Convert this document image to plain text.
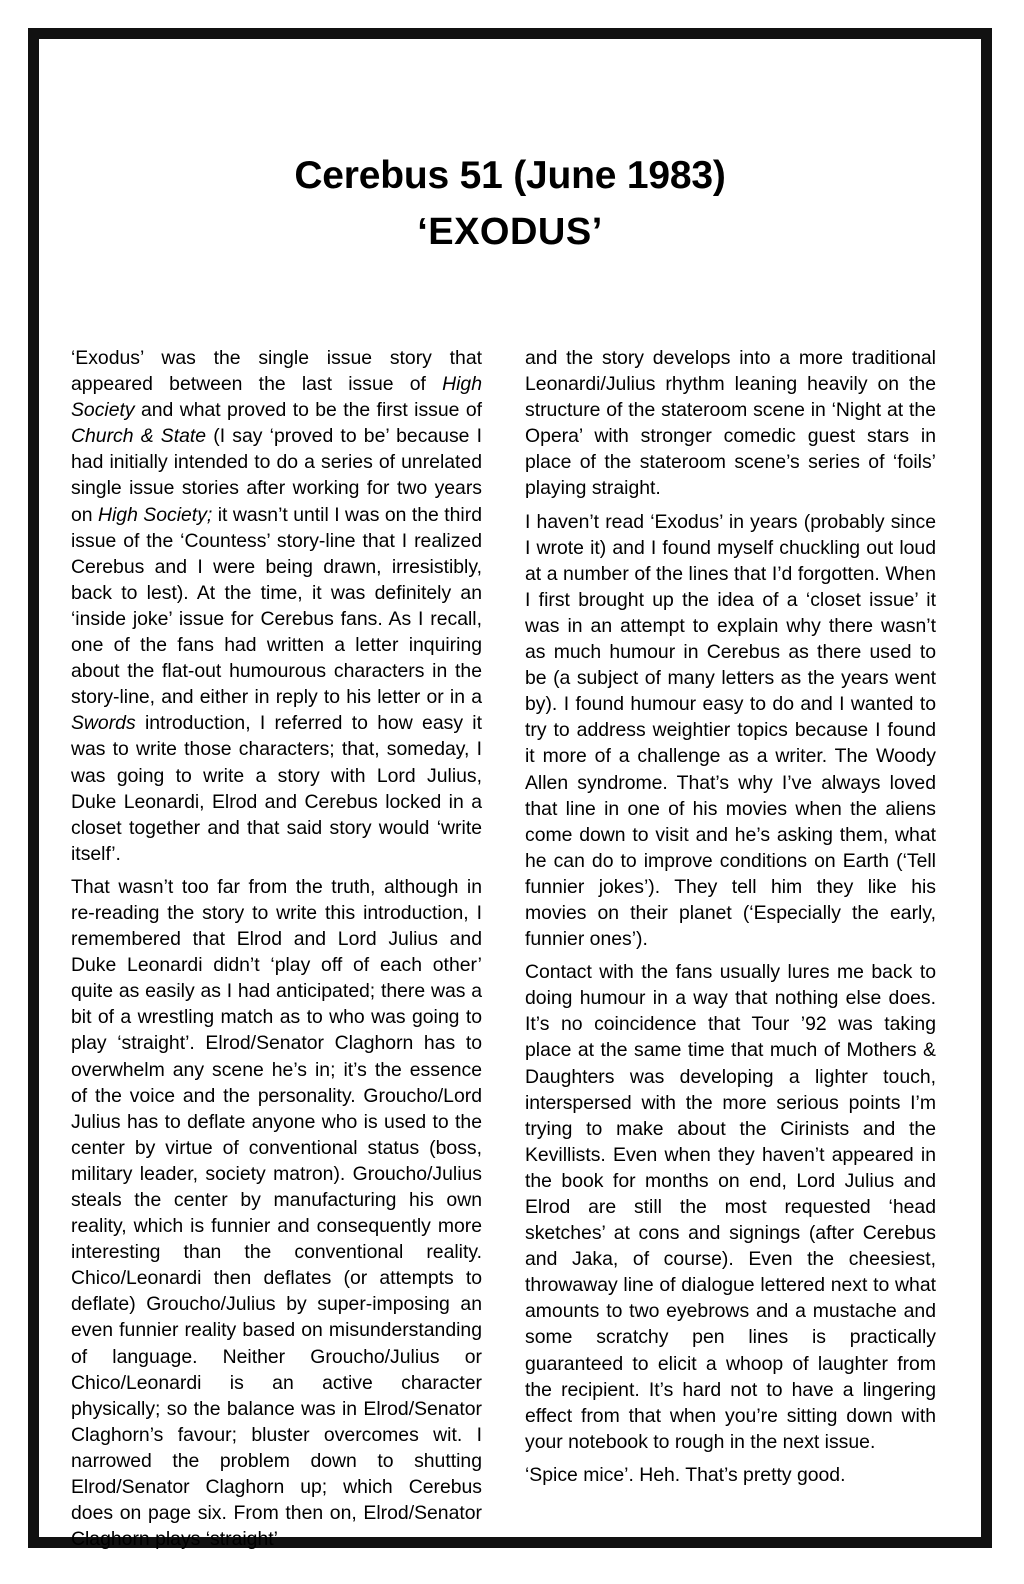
Cerebus 51 (June 1983)
‘EXODUS’

‘Exodus’ was the single issue story that appeared between the last issue of High Society and what proved to be the first issue of Church & State (I say ‘proved to be’ because I had initially intended to do a series of unrelated single issue stories after working for two years on High Society; it wasn’t until I was on the third issue of the ‘Countess’ story-line that I realized Cerebus and I were being drawn, irresistibly, back to lest). At the time, it was definitely an ‘inside joke’ issue for Cerebus fans. As I recall, one of the fans had written a letter inquiring about the flat-out humourous characters in the story-line, and either in reply to his letter or in a Swords introduction, I referred to how easy it was to write those characters; that, someday, I was going to write a story with Lord Julius, Duke Leonardi, Elrod and Cerebus locked in a closet together and that said story would ‘write itself’.

That wasn’t too far from the truth, although in re-reading the story to write this introduction, I remembered that Elrod and Lord Julius and Duke Leonardi didn’t ‘play off of each other’ quite as easily as I had anticipated; there was a bit of a wrestling match as to who was going to play ‘straight’. Elrod/Senator Claghorn has to overwhelm any scene he’s in; it’s the essence of the voice and the personality. Groucho/Lord Julius has to deflate anyone who is used to the center by virtue of conventional status (boss, military leader, society matron). Groucho/Julius steals the center by manufacturing his own reality, which is funnier and consequently more interesting than the conventional reality. Chico/Leonardi then deflates (or attempts to deflate) Groucho/Julius by super-imposing an even funnier reality based on misunderstanding of language. Neither Groucho/Julius or Chico/Leonardi is an active character physically; so the balance was in Elrod/Senator Claghorn’s favour; bluster overcomes wit. I narrowed the problem down to shutting Elrod/Senator Claghorn up; which Cerebus does on page six. From then on, Elrod/Senator Claghorn plays ‘straight’

and the story develops into a more traditional Leonardi/Julius rhythm leaning heavily on the structure of the stateroom scene in ‘Night at the Opera’ with stronger comedic guest stars in place of the stateroom scene’s series of ‘foils’ playing straight.

I haven’t read ‘Exodus’ in years (probably since I wrote it) and I found myself chuckling out loud at a number of the lines that I’d forgotten. When I first brought up the idea of a ‘closet issue’ it was in an attempt to explain why there wasn’t as much humour in Cerebus as there used to be (a subject of many letters as the years went by). I found humour easy to do and I wanted to try to address weightier topics because I found it more of a challenge as a writer. The Woody Allen syndrome. That’s why I’ve always loved that line in one of his movies when the aliens come down to visit and he’s asking them, what he can do to improve conditions on Earth (‘Tell funnier jokes’). They tell him they like his movies on their planet (‘Especially the early, funnier ones’).

Contact with the fans usually lures me back to doing humour in a way that nothing else does. It’s no coincidence that Tour ’92 was taking place at the same time that much of Mothers & Daughters was developing a lighter touch, interspersed with the more serious points I’m trying to make about the Cirinists and the Kevillists. Even when they haven’t appeared in the book for months on end, Lord Julius and Elrod are still the most requested ‘head sketches’ at cons and signings (after Cerebus and Jaka, of course). Even the cheesiest, throwaway line of dialogue lettered next to what amounts to two eyebrows and a mustache and some scratchy pen lines is practically guaranteed to elicit a whoop of laughter from the recipient. It’s hard not to have a lingering effect from that when you’re sitting down with your notebook to rough in the next issue.

‘Spice mice’. Heh. That’s pretty good.
